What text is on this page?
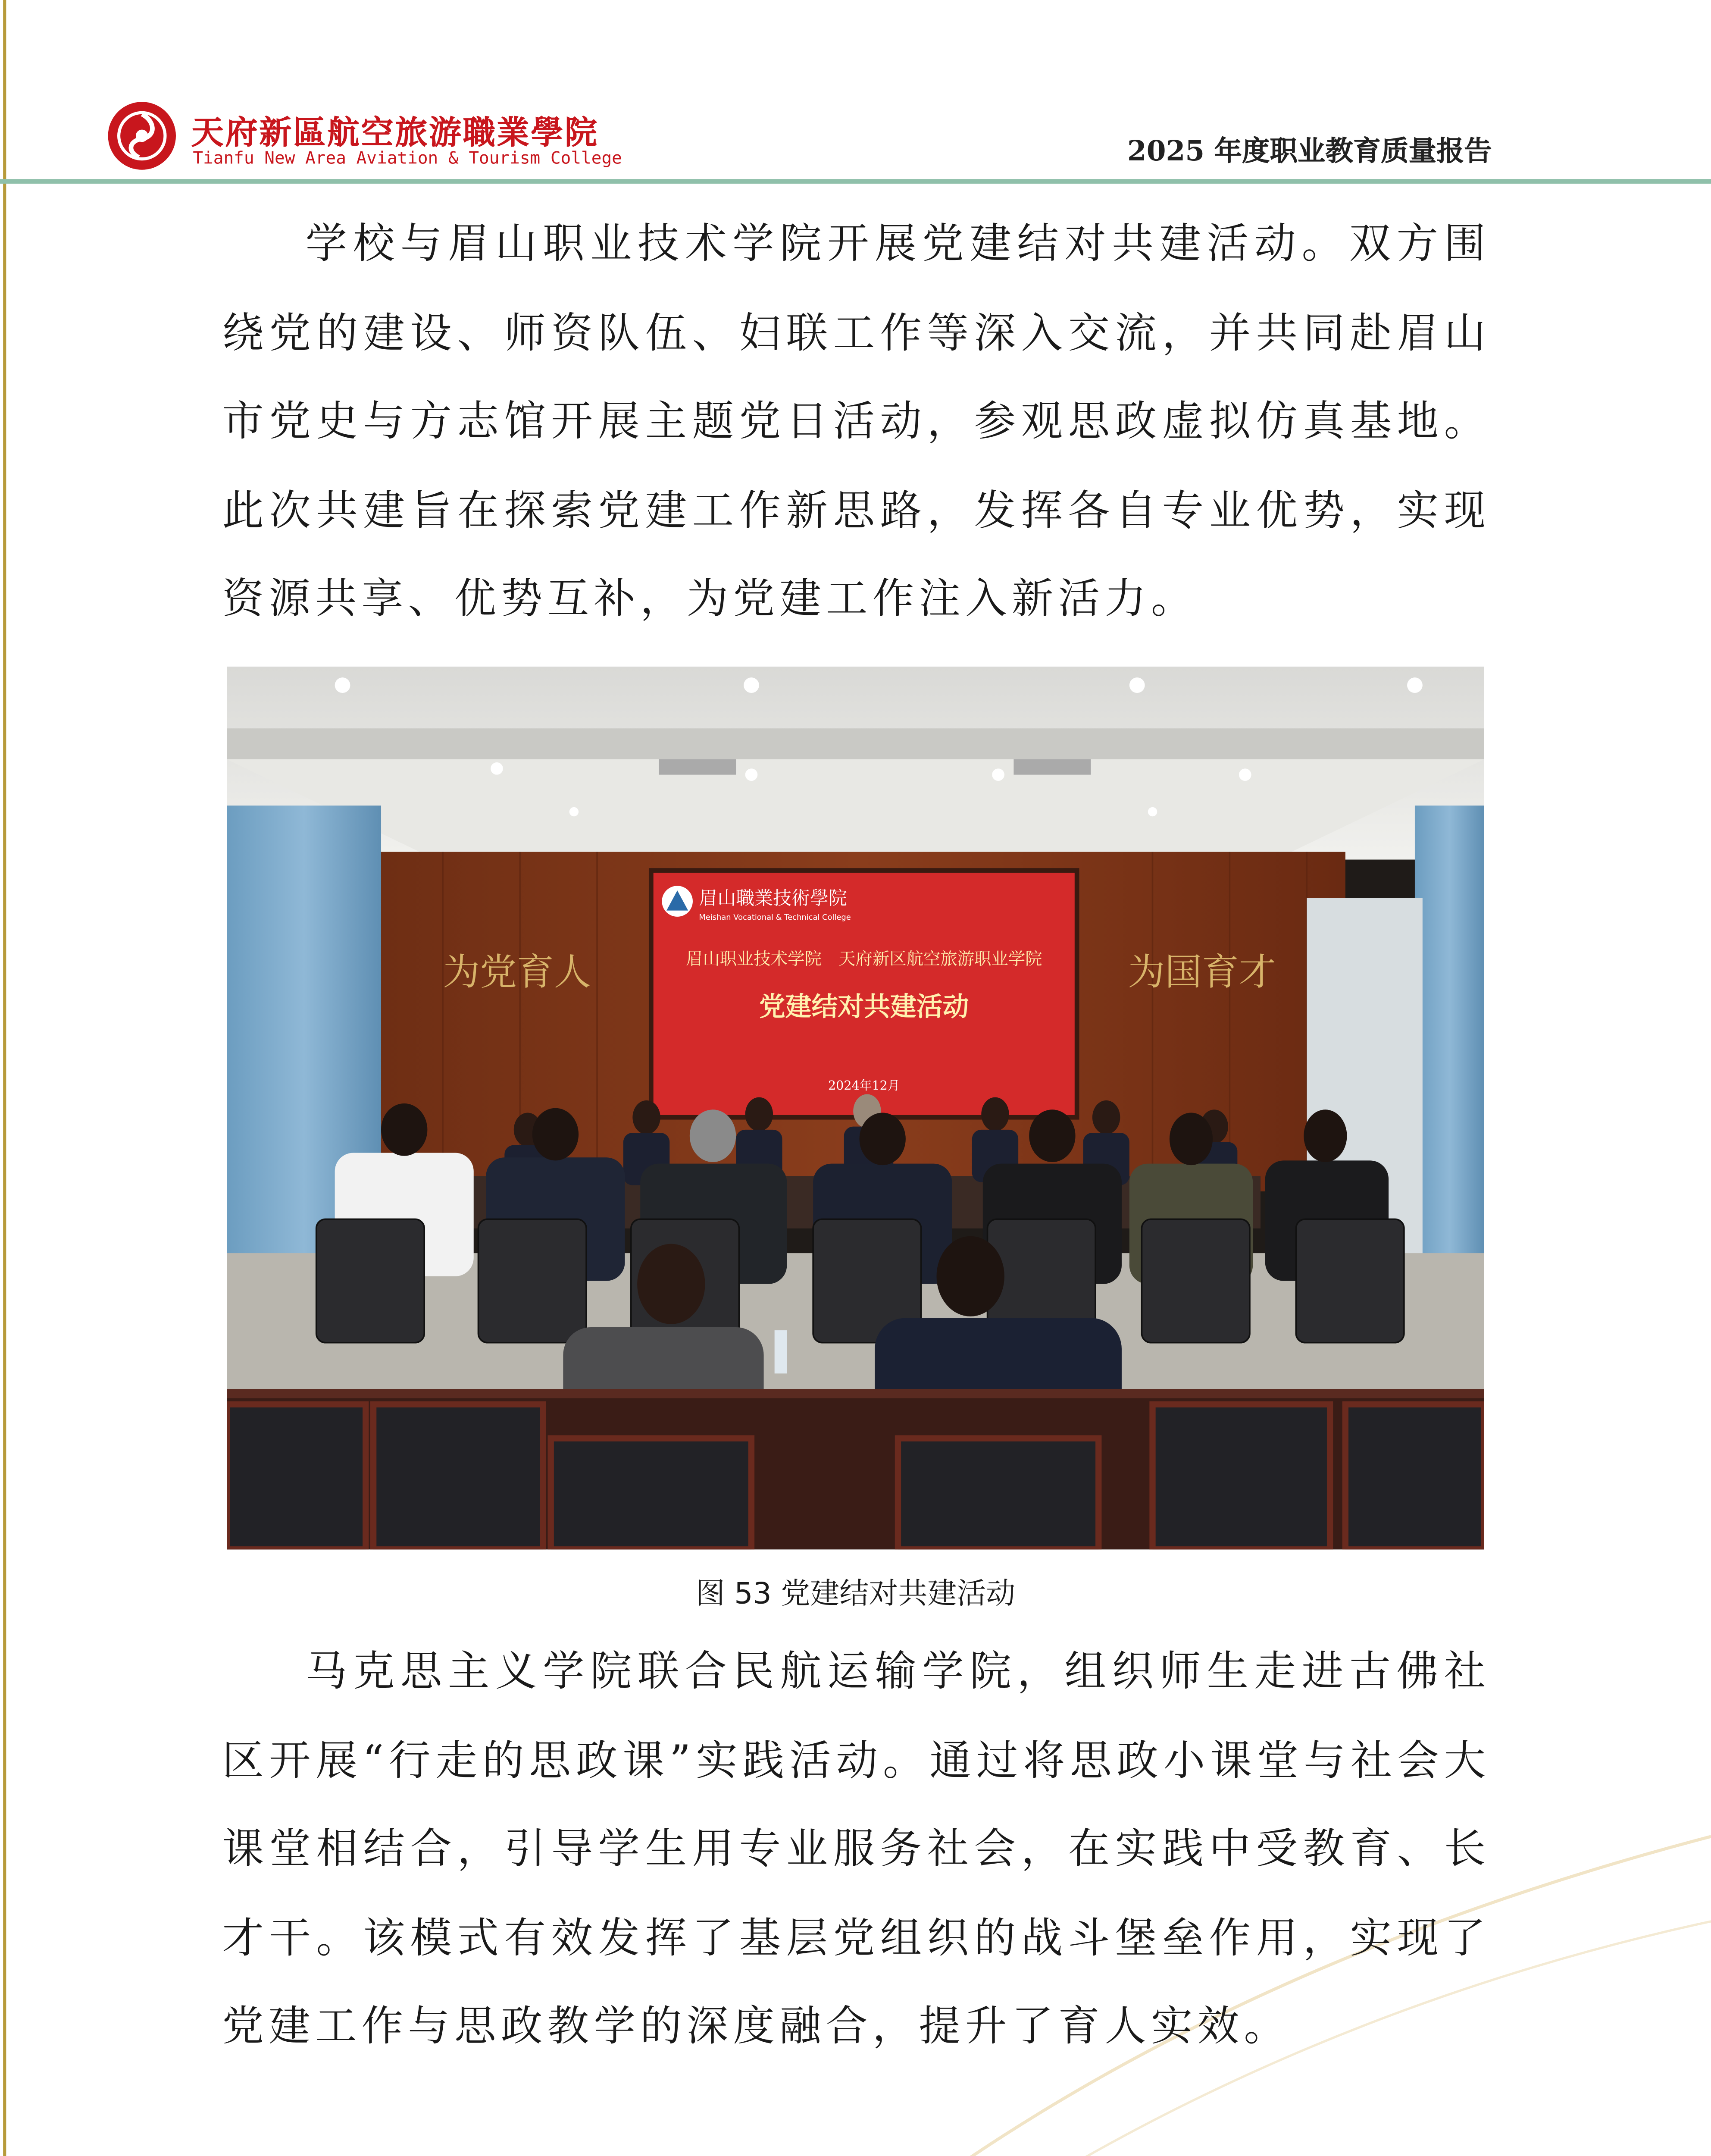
天府新區航空旅游職業學院
Tianfu New Area Aviation & Tourism College	2025 年度职业教育质量报告

学校与眉山职业技术学院开展党建结对共建活动。双方围绕党的建设、师资队伍、妇联工作等深入交流，并共同赴眉山市党史与方志馆开展主题党日活动，参观思政虚拟仿真基地。此次共建旨在探索党建工作新思路，发挥各自专业优势，实现资源共享、优势互补，为党建工作注入新活力。

为党育人	为国育才
眉山職業技術學院
Meishan Vocational & Technical College
眉山职业技术学院　天府新区航空旅游职业学院
党建结对共建活动
2024年12月
图 53 党建结对共建活动

马克思主义学院联合民航运输学院，组织师生走进古佛社区开展“行走的思政课”实践活动。通过将思政小课堂与社会大课堂相结合，引导学生用专业服务社会，在实践中受教育、长才干。该模式有效发挥了基层党组织的战斗堡垒作用，实现了党建工作与思政教学的深度融合，提升了育人实效。
